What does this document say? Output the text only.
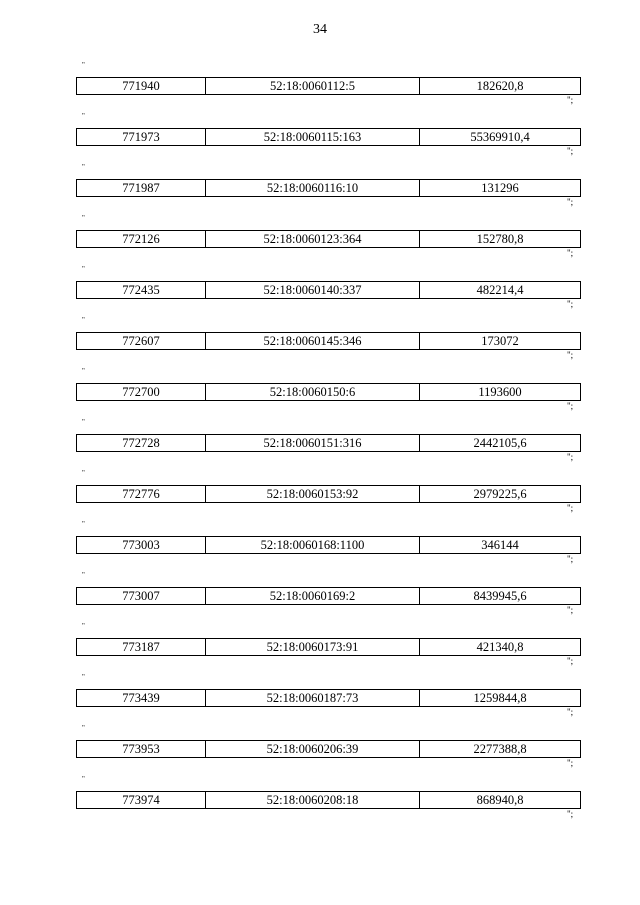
34
"
771940	52:18:0060112:5	182620,8
";
"
771973	52:18:0060115:163	55369910,4
";
"
771987	52:18:0060116:10	131296
";
"
772126	52:18:0060123:364	152780,8
";
"
772435	52:18:0060140:337	482214,4
";
"
772607	52:18:0060145:346	173072
";
"
772700	52:18:0060150:6	1193600
";
"
772728	52:18:0060151:316	2442105,6
";
"
772776	52:18:0060153:92	2979225,6
";
"
773003	52:18:0060168:1100	346144
";
"
773007	52:18:0060169:2	8439945,6
";
"
773187	52:18:0060173:91	421340,8
";
"
773439	52:18:0060187:73	1259844,8
";
"
773953	52:18:0060206:39	2277388,8
";
"
773974	52:18:0060208:18	868940,8
";
